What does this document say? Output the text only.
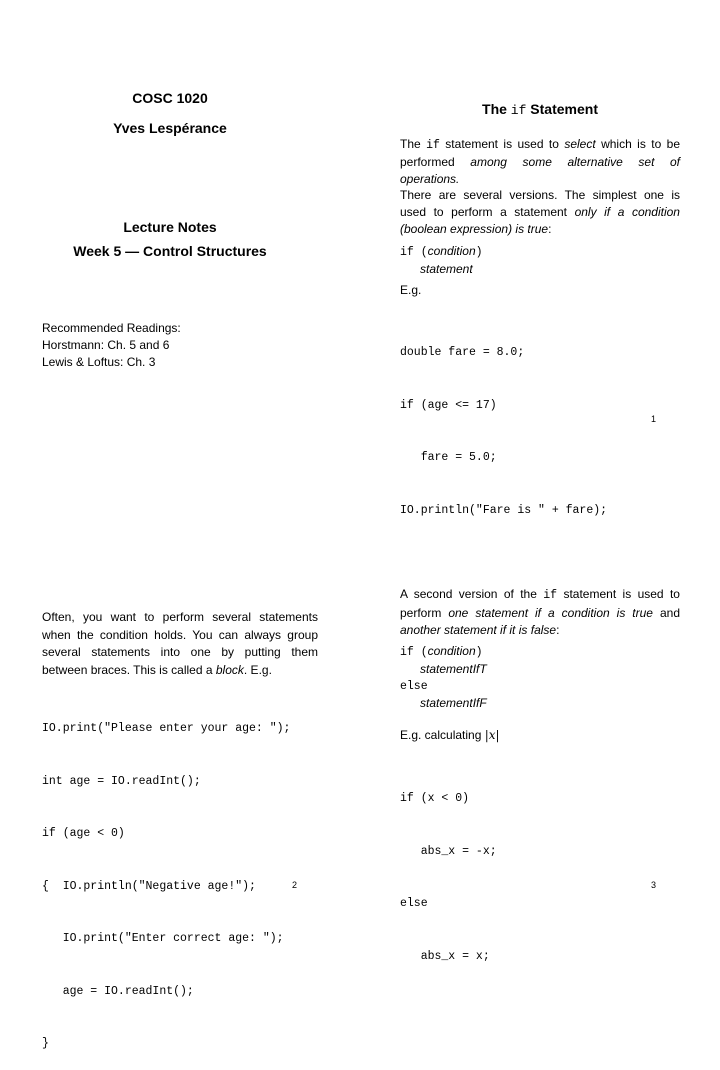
COSC 1020
Yves Lespérance
Lecture Notes
Week 5 — Control Structures
Recommended Readings:
Horstmann: Ch. 5 and 6
Lewis & Loftus: Ch. 3
The if Statement
The if statement is used to select which is to be performed among some alternative set of operations.
There are several versions. The simplest one is used to perform a statement only if a condition (boolean expression) is true:
if (condition)
statement
E.g.

double fare = 8.0;

if (age <= 17)

fare = 5.0;

IO.println("Fare is " + fare);

1
Often, you want to perform several statements when the condition holds. You can always group several statements into one by putting them between braces. This is called a block. E.g.

IO.print("Please enter your age: ");

int age = IO.readInt();

if (age < 0)

{  IO.println("Negative age!");

IO.print("Enter correct age: ");

age = IO.readInt();

}

2
A second version of the if statement is used to perform one statement if a condition is true and another statement if it is false:
if (condition)
statementIfT
else
statementIfF
E.g. calculating |x|

if (x < 0)

abs_x = -x;

else

abs_x = x;

3
